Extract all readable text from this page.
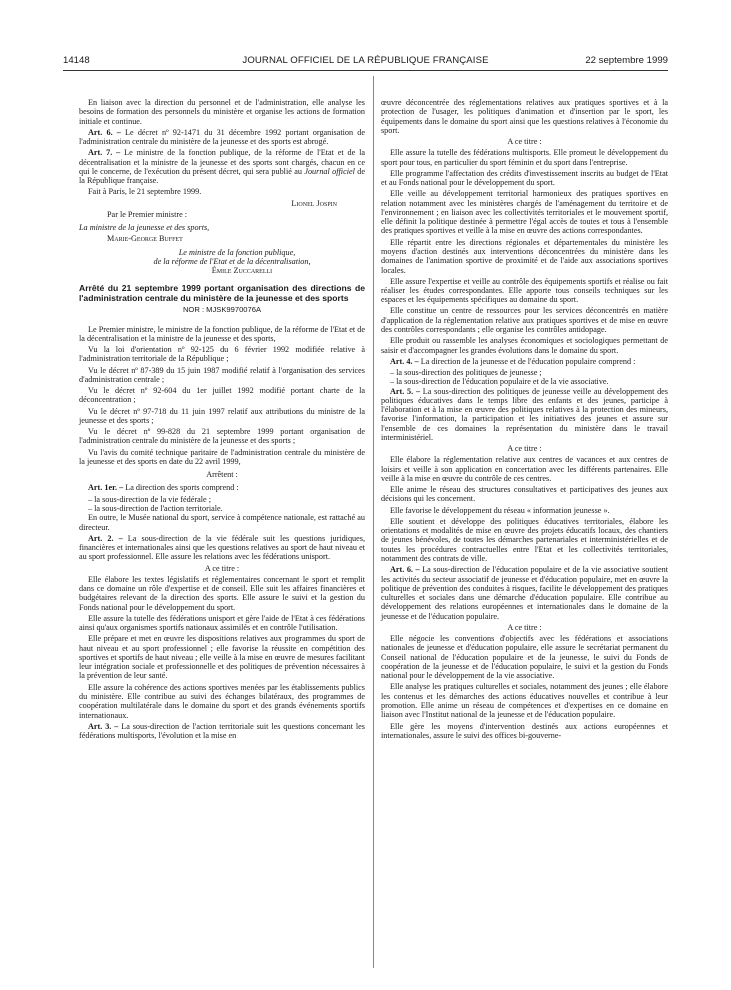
14148	JOURNAL OFFICIEL DE LA RÉPUBLIQUE FRANÇAISE	22 septembre 1999

En liaison avec la direction du personnel et de l'administration, elle analyse les besoins de formation des personnels du ministère et organise les actions de formation initiale et continue.

Art. 6. – Le décret nº 92-1471 du 31 décembre 1992 portant organisation de l'administration centrale du ministère de la jeunesse et des sports est abrogé.

Art. 7. – Le ministre de la fonction publique, de la réforme de l'Etat et de la décentralisation et la ministre de la jeunesse et des sports sont chargés, chacun en ce qui le concerne, de l'exécution du présent décret, qui sera publié au Journal officiel de la République française.

Fait à Paris, le 21 septembre 1999.

Lionel Jospin

Par le Premier ministre :

La ministre de la jeunesse et des sports,

Marie-George Buffet

Le ministre de la fonction publique,

de la réforme de l'Etat et de la décentralisation,

Émile Zuccarelli

Arrêté du 21 septembre 1999 portant organisation des directions de l'administration centrale du ministère de la jeunesse et des sports
NOR : MJSK9970076A

Le Premier ministre, le ministre de la fonction publique, de la réforme de l'Etat et de la décentralisation et la ministre de la jeunesse et des sports,

Vu la loi d'orientation nº 92-125 du 6 février 1992 modifiée relative à l'administration territoriale de la République ;

Vu le décret nº 87-389 du 15 juin 1987 modifié relatif à l'organisation des services d'administration centrale ;

Vu le décret nº 92-604 du 1er juillet 1992 modifié portant charte de la déconcentration ;

Vu le décret nº 97-718 du 11 juin 1997 relatif aux attributions du ministre de la jeunesse et des sports ;

Vu le décret nº 99-828 du 21 septembre 1999 portant organisation de l'administration centrale du ministère de la jeunesse et des sports ;

Vu l'avis du comité technique paritaire de l'administration centrale du ministère de la jeunesse et des sports en date du 22 avril 1999,

Arrêtent :

Art. 1er. – La direction des sports comprend :

– la sous-direction de la vie fédérale ;

– la sous-direction de l'action territoriale.

En outre, le Musée national du sport, service à compétence nationale, est rattaché au directeur.

Art. 2. – La sous-direction de la vie fédérale suit les questions juridiques, financières et internationales ainsi que les questions relatives au sport de haut niveau et au sport professionnel. Elle assure les relations avec les fédérations unisport.

A ce titre :

Elle élabore les textes législatifs et réglementaires concernant le sport et remplit dans ce domaine un rôle d'expertise et de conseil. Elle suit les affaires financières et budgétaires relevant de la direction des sports. Elle assure le suivi et la gestion du Fonds national pour le développement du sport.

Elle assure la tutelle des fédérations unisport et gère l'aide de l'Etat à ces fédérations ainsi qu'aux organismes sportifs nationaux assimilés et en contrôle l'utilisation.

Elle prépare et met en œuvre les dispositions relatives aux programmes du sport de haut niveau et au sport professionnel ; elle favorise la réussite en compétition des sportives et sportifs de haut niveau ; elle veille à la mise en œuvre de mesures facilitant leur intégration sociale et professionnelle et des politiques de prévention nécessaires à la prévention de leur santé.

Elle assure la cohérence des actions sportives menées par les établissements publics du ministère. Elle contribue au suivi des échanges bilatéraux, des programmes de coopération multilatérale dans le domaine du sport et des grands événements sportifs internationaux.

Art. 3. – La sous-direction de l'action territoriale suit les questions concernant les fédérations multisports, l'évolution et la mise en

œuvre déconcentrée des réglementations relatives aux pratiques sportives et à la protection de l'usager, les politiques d'animation et d'insertion par le sport, les équipements dans le domaine du sport ainsi que les questions relatives à l'économie du sport.

A ce titre :

Elle assure la tutelle des fédérations multisports. Elle promeut le développement du sport pour tous, en particulier du sport féminin et du sport dans l'entreprise.

Elle programme l'affectation des crédits d'investissement inscrits au budget de l'Etat et au Fonds national pour le développement du sport.

Elle veille au développement territorial harmonieux des pratiques sportives en relation notamment avec les ministères chargés de l'aménagement du territoire et de l'environnement ; en liaison avec les collectivités territoriales et le mouvement sportif, elle définit la politique destinée à permettre l'égal accès de toutes et tous à l'ensemble des pratiques sportives et veille à la mise en œuvre des actions correspondantes.

Elle répartit entre les directions régionales et départementales du ministère les moyens d'action destinés aux interventions déconcentrées du ministère dans les domaines de l'animation sportive de proximité et de l'aide aux associations sportives locales.

Elle assure l'expertise et veille au contrôle des équipements sportifs et réalise ou fait réaliser les études correspondantes. Elle apporte tous conseils techniques sur les espaces et les équipements spécifiques au domaine du sport.

Elle constitue un centre de ressources pour les services déconcentrés en matière d'application de la réglementation relative aux pratiques sportives et de mise en œuvre des contrôles correspondants ; elle organise les contrôles antidopage.

Elle produit ou rassemble les analyses économiques et sociologiques permettant de saisir et d'accompagner les grandes évolutions dans le domaine du sport.

Art. 4. – La direction de la jeunesse et de l'éducation populaire comprend :

– la sous-direction des politiques de jeunesse ;

– la sous-direction de l'éducation populaire et de la vie associative.

Art. 5. – La sous-direction des politiques de jeunesse veille au développement des politiques éducatives dans le temps libre des enfants et des jeunes, participe à l'élaboration et à la mise en œuvre des politiques relatives à la protection des mineurs, favorise l'information, la participation et les initiatives des jeunes et assure sur l'ensemble de ces domaines la représentation du ministère dans le travail interministériel.

A ce titre :

Elle élabore la réglementation relative aux centres de vacances et aux centres de loisirs et veille à son application en concertation avec les différents partenaires. Elle veille à la mise en œuvre du contrôle de ces centres.

Elle anime le réseau des structures consultatives et participatives des jeunes aux décisions qui les concernent.

Elle favorise le développement du réseau « information jeunesse ».

Elle soutient et développe des politiques éducatives territoriales, élabore les orientations et modalités de mise en œuvre des projets éducatifs locaux, des chantiers de jeunes bénévoles, de toutes les démarches partenariales et interministérielles et de toutes les procédures contractuelles entre l'Etat et les collectivités territoriales, notamment des contrats de ville.

Art. 6. – La sous-direction de l'éducation populaire et de la vie associative soutient les activités du secteur associatif de jeunesse et d'éducation populaire, met en œuvre la politique de prévention des conduites à risques, facilite le développement des pratiques culturelles et sociales dans une démarche d'éducation populaire. Elle contribue au développement des relations européennes et internationales dans le domaine de la jeunesse et de l'éducation populaire.

A ce titre :

Elle négocie les conventions d'objectifs avec les fédérations et associations nationales de jeunesse et d'éducation populaire, elle assure le secrétariat permanent du Conseil national de l'éducation populaire et de la jeunesse, le suivi du Fonds de coopération de la jeunesse et de l'éducation populaire, le suivi et la gestion du Fonds national pour le développement de la vie associative.

Elle analyse les pratiques culturelles et sociales, notamment des jeunes ; elle élabore les contenus et les démarches des actions éducatives nouvelles et contribue à leur promotion. Elle anime un réseau de compétences et d'expertises en ce domaine en liaison avec l'Institut national de la jeunesse et de l'éducation populaire.

Elle gère les moyens d'intervention destinés aux actions européennes et internationales, assure le suivi des offices bi-gouverne-
